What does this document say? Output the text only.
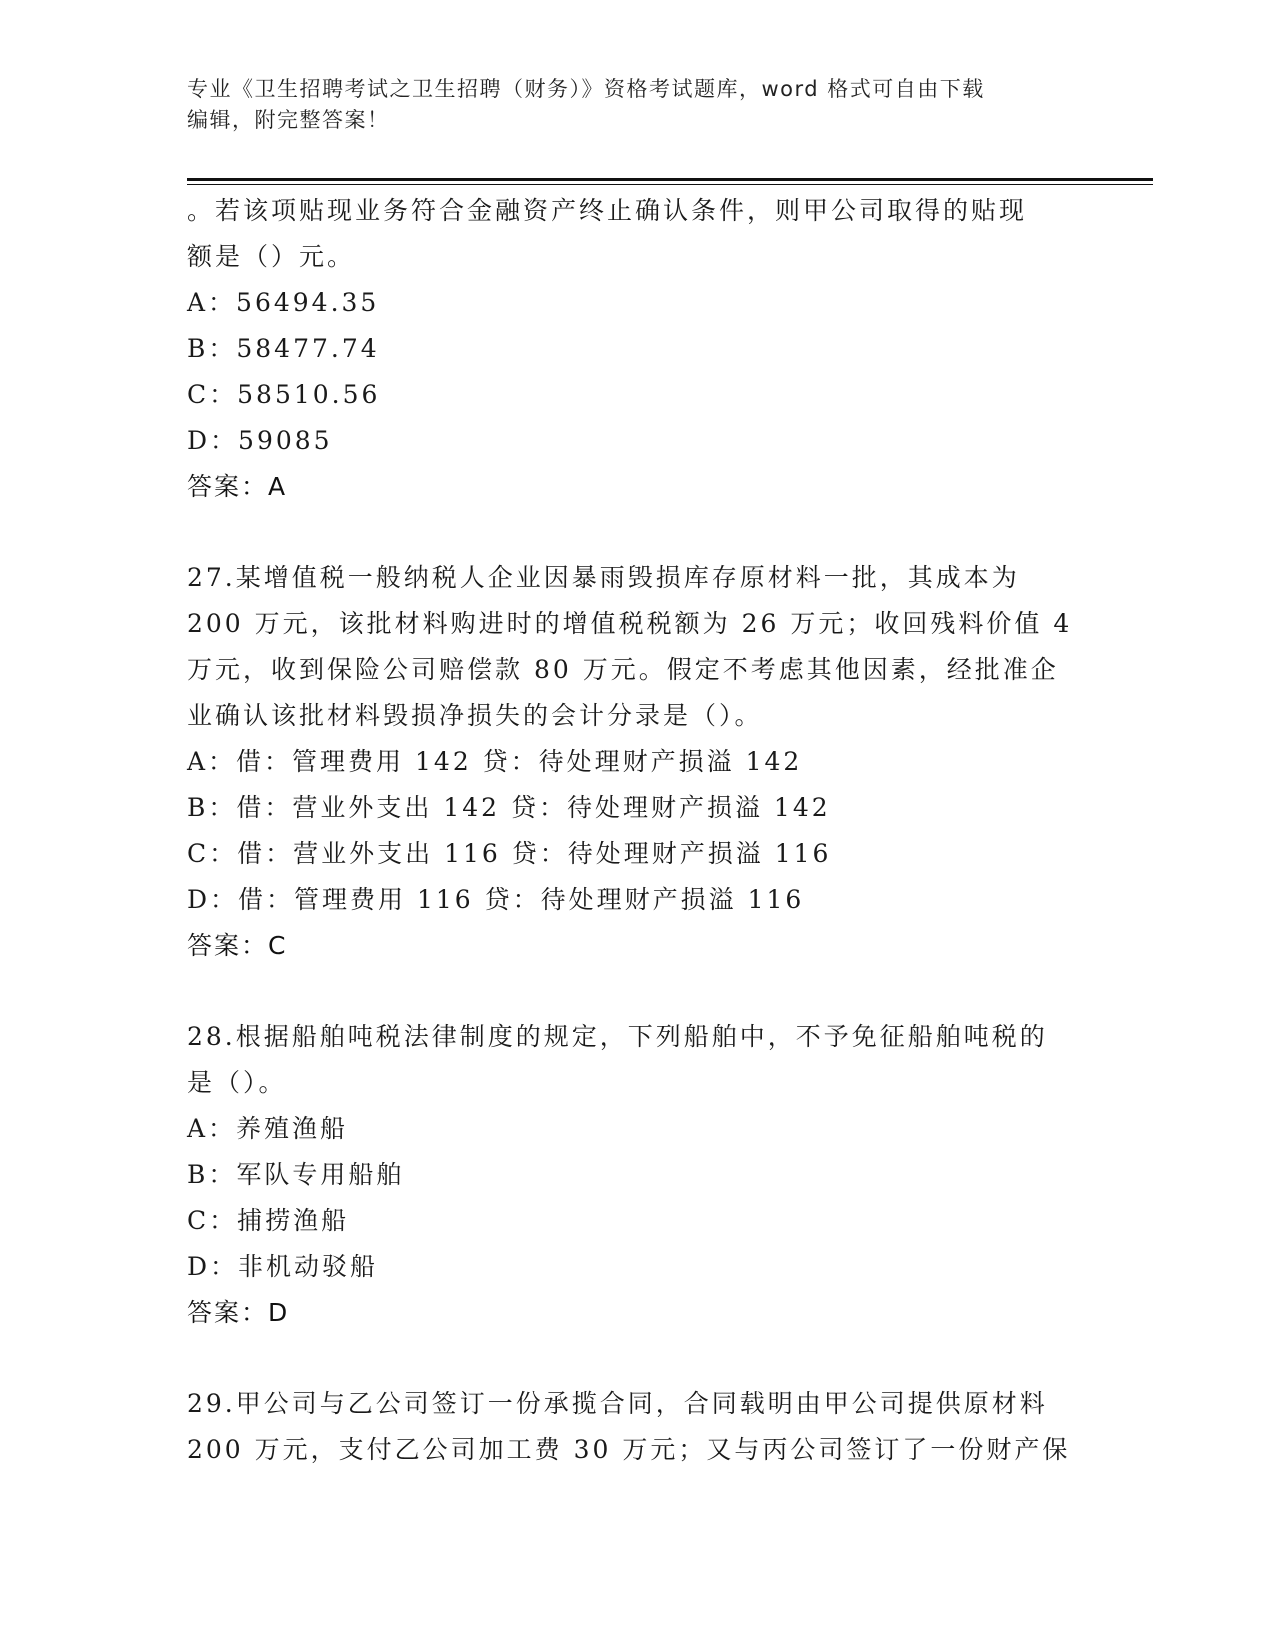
专业《卫生招聘考试之卫生招聘（财务）》资格考试题库，word 格式可自由下载
编辑，附完整答案！
。若该项贴现业务符合金融资产终止确认条件，则甲公司取得的贴现
额是（）元。
A：56494.35
B：58477.74
C：58510.56
D：59085
答案：A
27.某增值税一般纳税人企业因暴雨毁损库存原材料一批，其成本为
200 万元，该批材料购进时的增值税税额为 26 万元；收回残料价值 4
万元，收到保险公司赔偿款 80 万元。假定不考虑其他因素，经批准企
业确认该批材料毁损净损失的会计分录是（）。
A：借：管理费用 142 贷：待处理财产损溢 142
B：借：营业外支出 142 贷：待处理财产损溢 142
C：借：营业外支出 116 贷：待处理财产损溢 116
D：借：管理费用 116 贷：待处理财产损溢 116
答案：C
28.根据船舶吨税法律制度的规定，下列船舶中，不予免征船舶吨税的
是（）。
A：养殖渔船
B：军队专用船舶
C：捕捞渔船
D：非机动驳船
答案：D
29.甲公司与乙公司签订一份承揽合同，合同载明由甲公司提供原材料
200 万元，支付乙公司加工费 30 万元；又与丙公司签订了一份财产保
